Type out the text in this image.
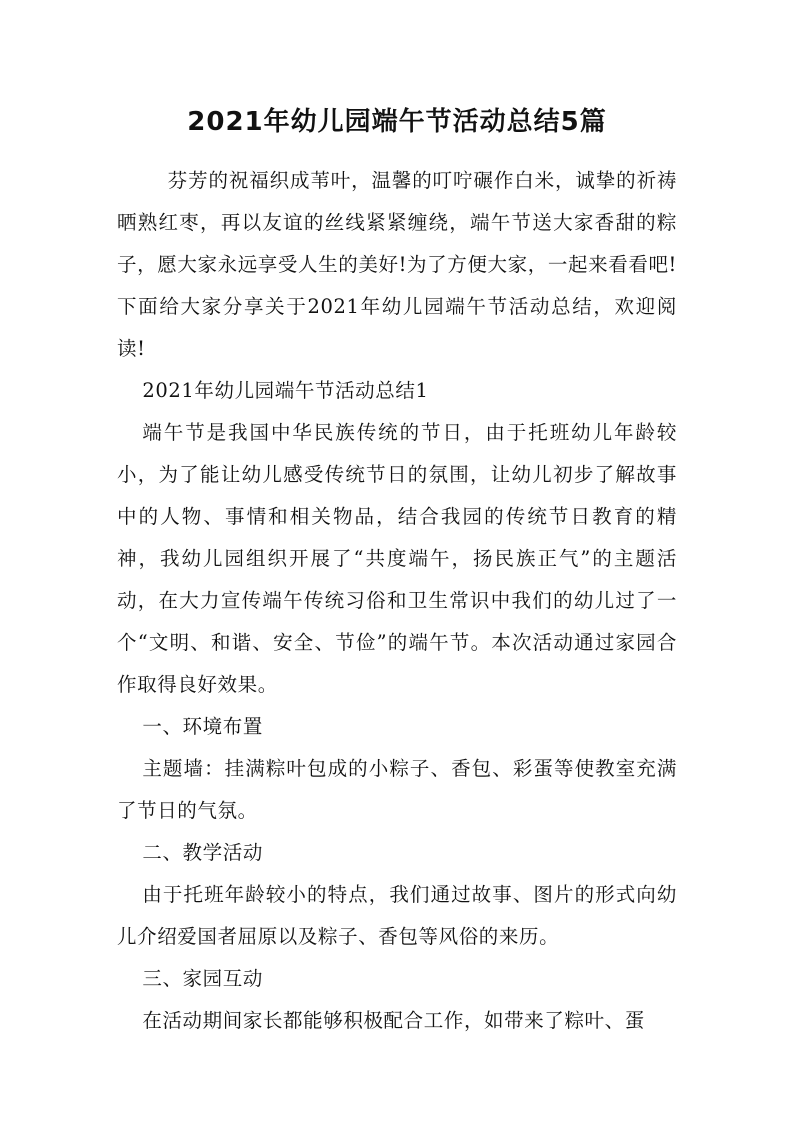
2021年幼儿园端午节活动总结5篇

芬芳的祝福织成苇叶，温馨的叮咛碾作白米，诚挚的祈祷晒熟红枣，再以友谊的丝线紧紧缠绕，端午节送大家香甜的粽子，愿大家永远享受人生的美好!为了方便大家，一起来看看吧!下面给大家分享关于2021年幼儿园端午节活动总结，欢迎阅读!

2021年幼儿园端午节活动总结1

端午节是我国中华民族传统的节日，由于托班幼儿年龄较小，为了能让幼儿感受传统节日的氛围，让幼儿初步了解故事中的人物、事情和相关物品，结合我园的传统节日教育的精神，我幼儿园组织开展了“共度端午，扬民族正气”的主题活动，在大力宣传端午传统习俗和卫生常识中我们的幼儿过了一个“文明、和谐、安全、节俭”的端午节。本次活动通过家园合作取得良好效果。

一、环境布置

主题墙：挂满粽叶包成的小粽子、香包、彩蛋等使教室充满了节日的气氛。

二、教学活动

由于托班年龄较小的特点，我们通过故事、图片的形式向幼儿介绍爱国者屈原以及粽子、香包等风俗的来历。

三、家园互动

在活动期间家长都能够积极配合工作，如带来了粽叶、蛋
